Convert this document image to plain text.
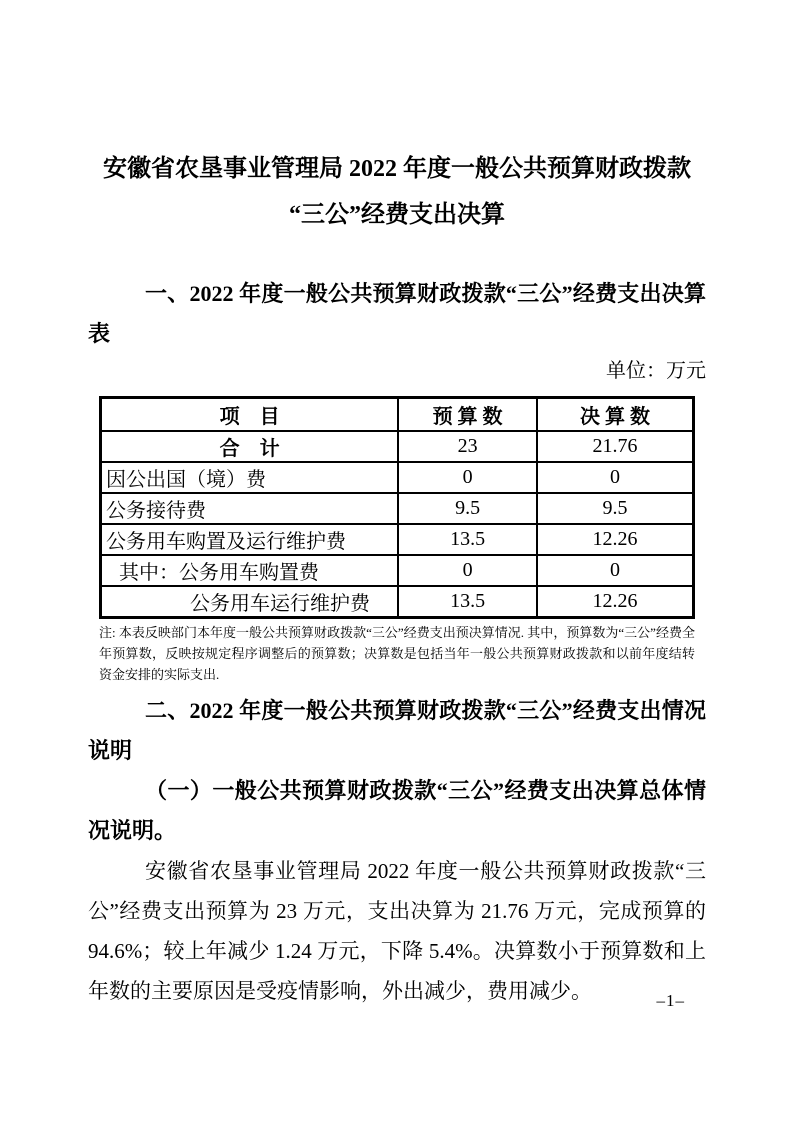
安徽省农垦事业管理局 2022 年度一般公共预算财政拨款
“三公”经费支出决算

一、2022 年度一般公共预算财政拨款“三公”经费支出决算表

单位：万元
项　目	预 算 数	决 算 数
合　计	23	21.76
因公出国（境）费	0	0
公务接待费	9.5	9.5
公务用车购置及运行维护费	13.5	12.26
其中：公务用车购置费	0	0
公务用车运行维护费	13.5	12.26

注: 本表反映部门本年度一般公共预算财政拨款“三公”经费支出预决算情况. 其中，预算数为“三公”经费全年预算数，反映按规定程序调整后的预算数；决算数是包括当年一般公共预算财政拨款和以前年度结转资金安排的实际支出.

二、2022 年度一般公共预算财政拨款“三公”经费支出情况说明

（一）一般公共预算财政拨款“三公”经费支出决算总体情况说明。

安徽省农垦事业管理局 2022 年度一般公共预算财政拨款“三公”经费支出预算为 23 万元，支出决算为 21.76 万元，完成预算的 94.6%；较上年减少 1.24 万元，下降 5.4%。决算数小于预算数和上年数的主要原因是受疫情影响，外出减少，费用减少。	–1–
